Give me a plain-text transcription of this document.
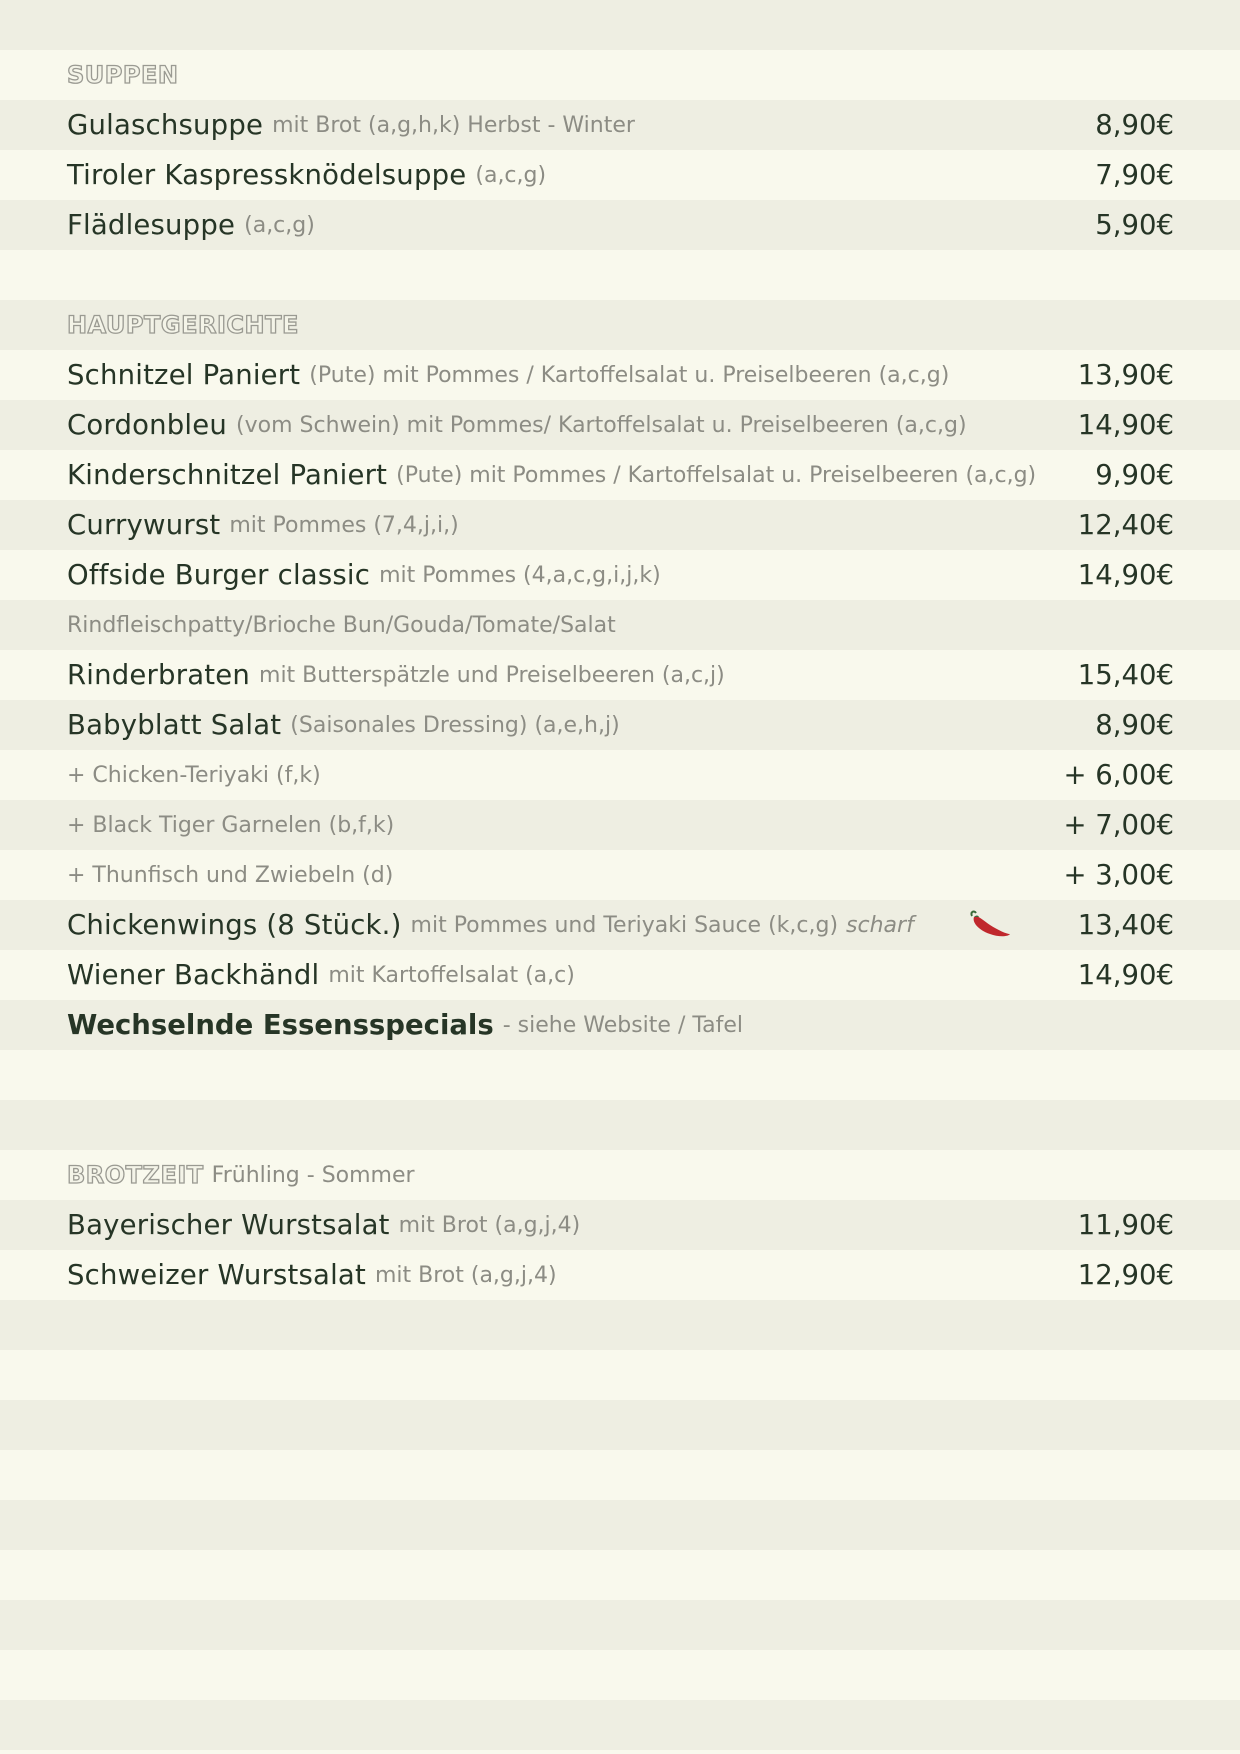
SUPPEN
Gulaschsuppe mit Brot (a,g,h,k) Herbst - Winter	8,90€
Tiroler Kaspressknödelsuppe (a,c,g)	7,90€
Flädlesuppe (a,c,g)	5,90€
HAUPTGERICHTE
Schnitzel Paniert (Pute) mit Pommes / Kartoffelsalat u. Preiselbeeren (a,c,g)	13,90€
Cordonbleu (vom Schwein) mit Pommes/ Kartoffelsalat u. Preiselbeeren (a,c,g)	14,90€
Kinderschnitzel Paniert (Pute) mit Pommes / Kartoffelsalat u. Preiselbeeren (a,c,g) 9,90€
Currywurst mit Pommes (7,4,j,i,)	12,40€
Offside Burger classic mit Pommes (4,a,c,g,i,j,k)	14,90€
Rindfleischpatty/Brioche Bun/Gouda/Tomate/Salat
Rinderbraten mit Butterspätzle und Preiselbeeren (a,c,j)	15,40€
Babyblatt Salat (Saisonales Dressing) (a,e,h,j)	8,90€
+ Chicken-Teriyaki (f,k)	+ 6,00€
+ Black Tiger Garnelen (b,f,k)	+ 7,00€
+ Thunfisch und Zwiebeln (d)	+ 3,00€
Chickenwings (8 Stück.) mit Pommes und Teriyaki Sauce (k,c,g) scharf	13,40€
Wiener Backhändl mit Kartoffelsalat (a,c)	14,90€
Wechselnde Essensspecials - siehe Website / Tafel
BROTZEIT Frühling - Sommer
Bayerischer Wurstsalat mit Brot (a,g,j,4)	11,90€
Schweizer Wurstsalat mit Brot (a,g,j,4)	12,90€
